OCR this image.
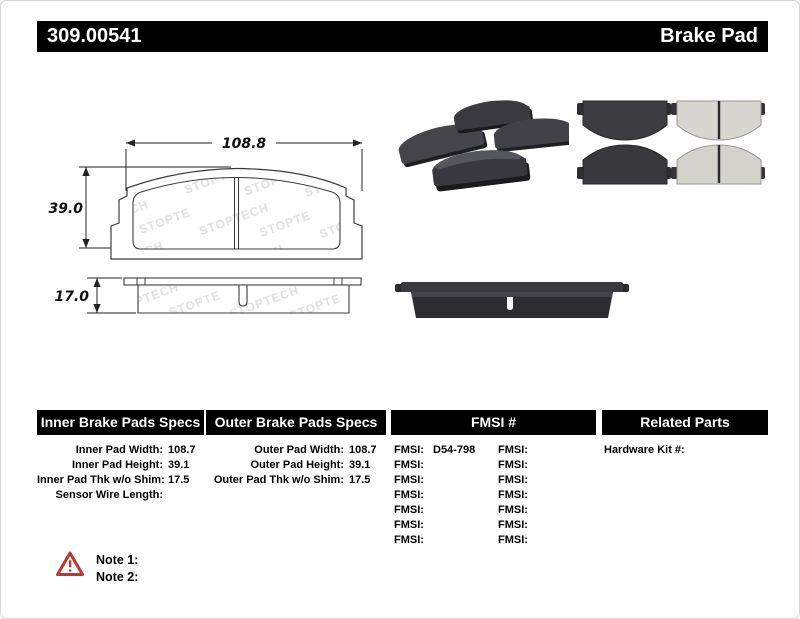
309.00541	Brake Pad
108.8
39.0
17.0
Inner Brake Pads Specs	Outer Brake Pads Specs	FMSI #	Related Parts
Inner Pad Width: 108.7
Inner Pad Height: 39.1
Inner Pad Thk w/o Shim: 17.5
Sensor Wire Length:
Outer Pad Width: 108.7
Outer Pad Height: 39.1
Outer Pad Thk w/o Shim: 17.5
FMSI: D54-798
FMSI:
FMSI:
FMSI:
FMSI:
FMSI:
FMSI:
FMSI:
FMSI:
FMSI:
FMSI:
FMSI:
FMSI:
FMSI:
Hardware Kit #:
Note 1:
Note 2:
